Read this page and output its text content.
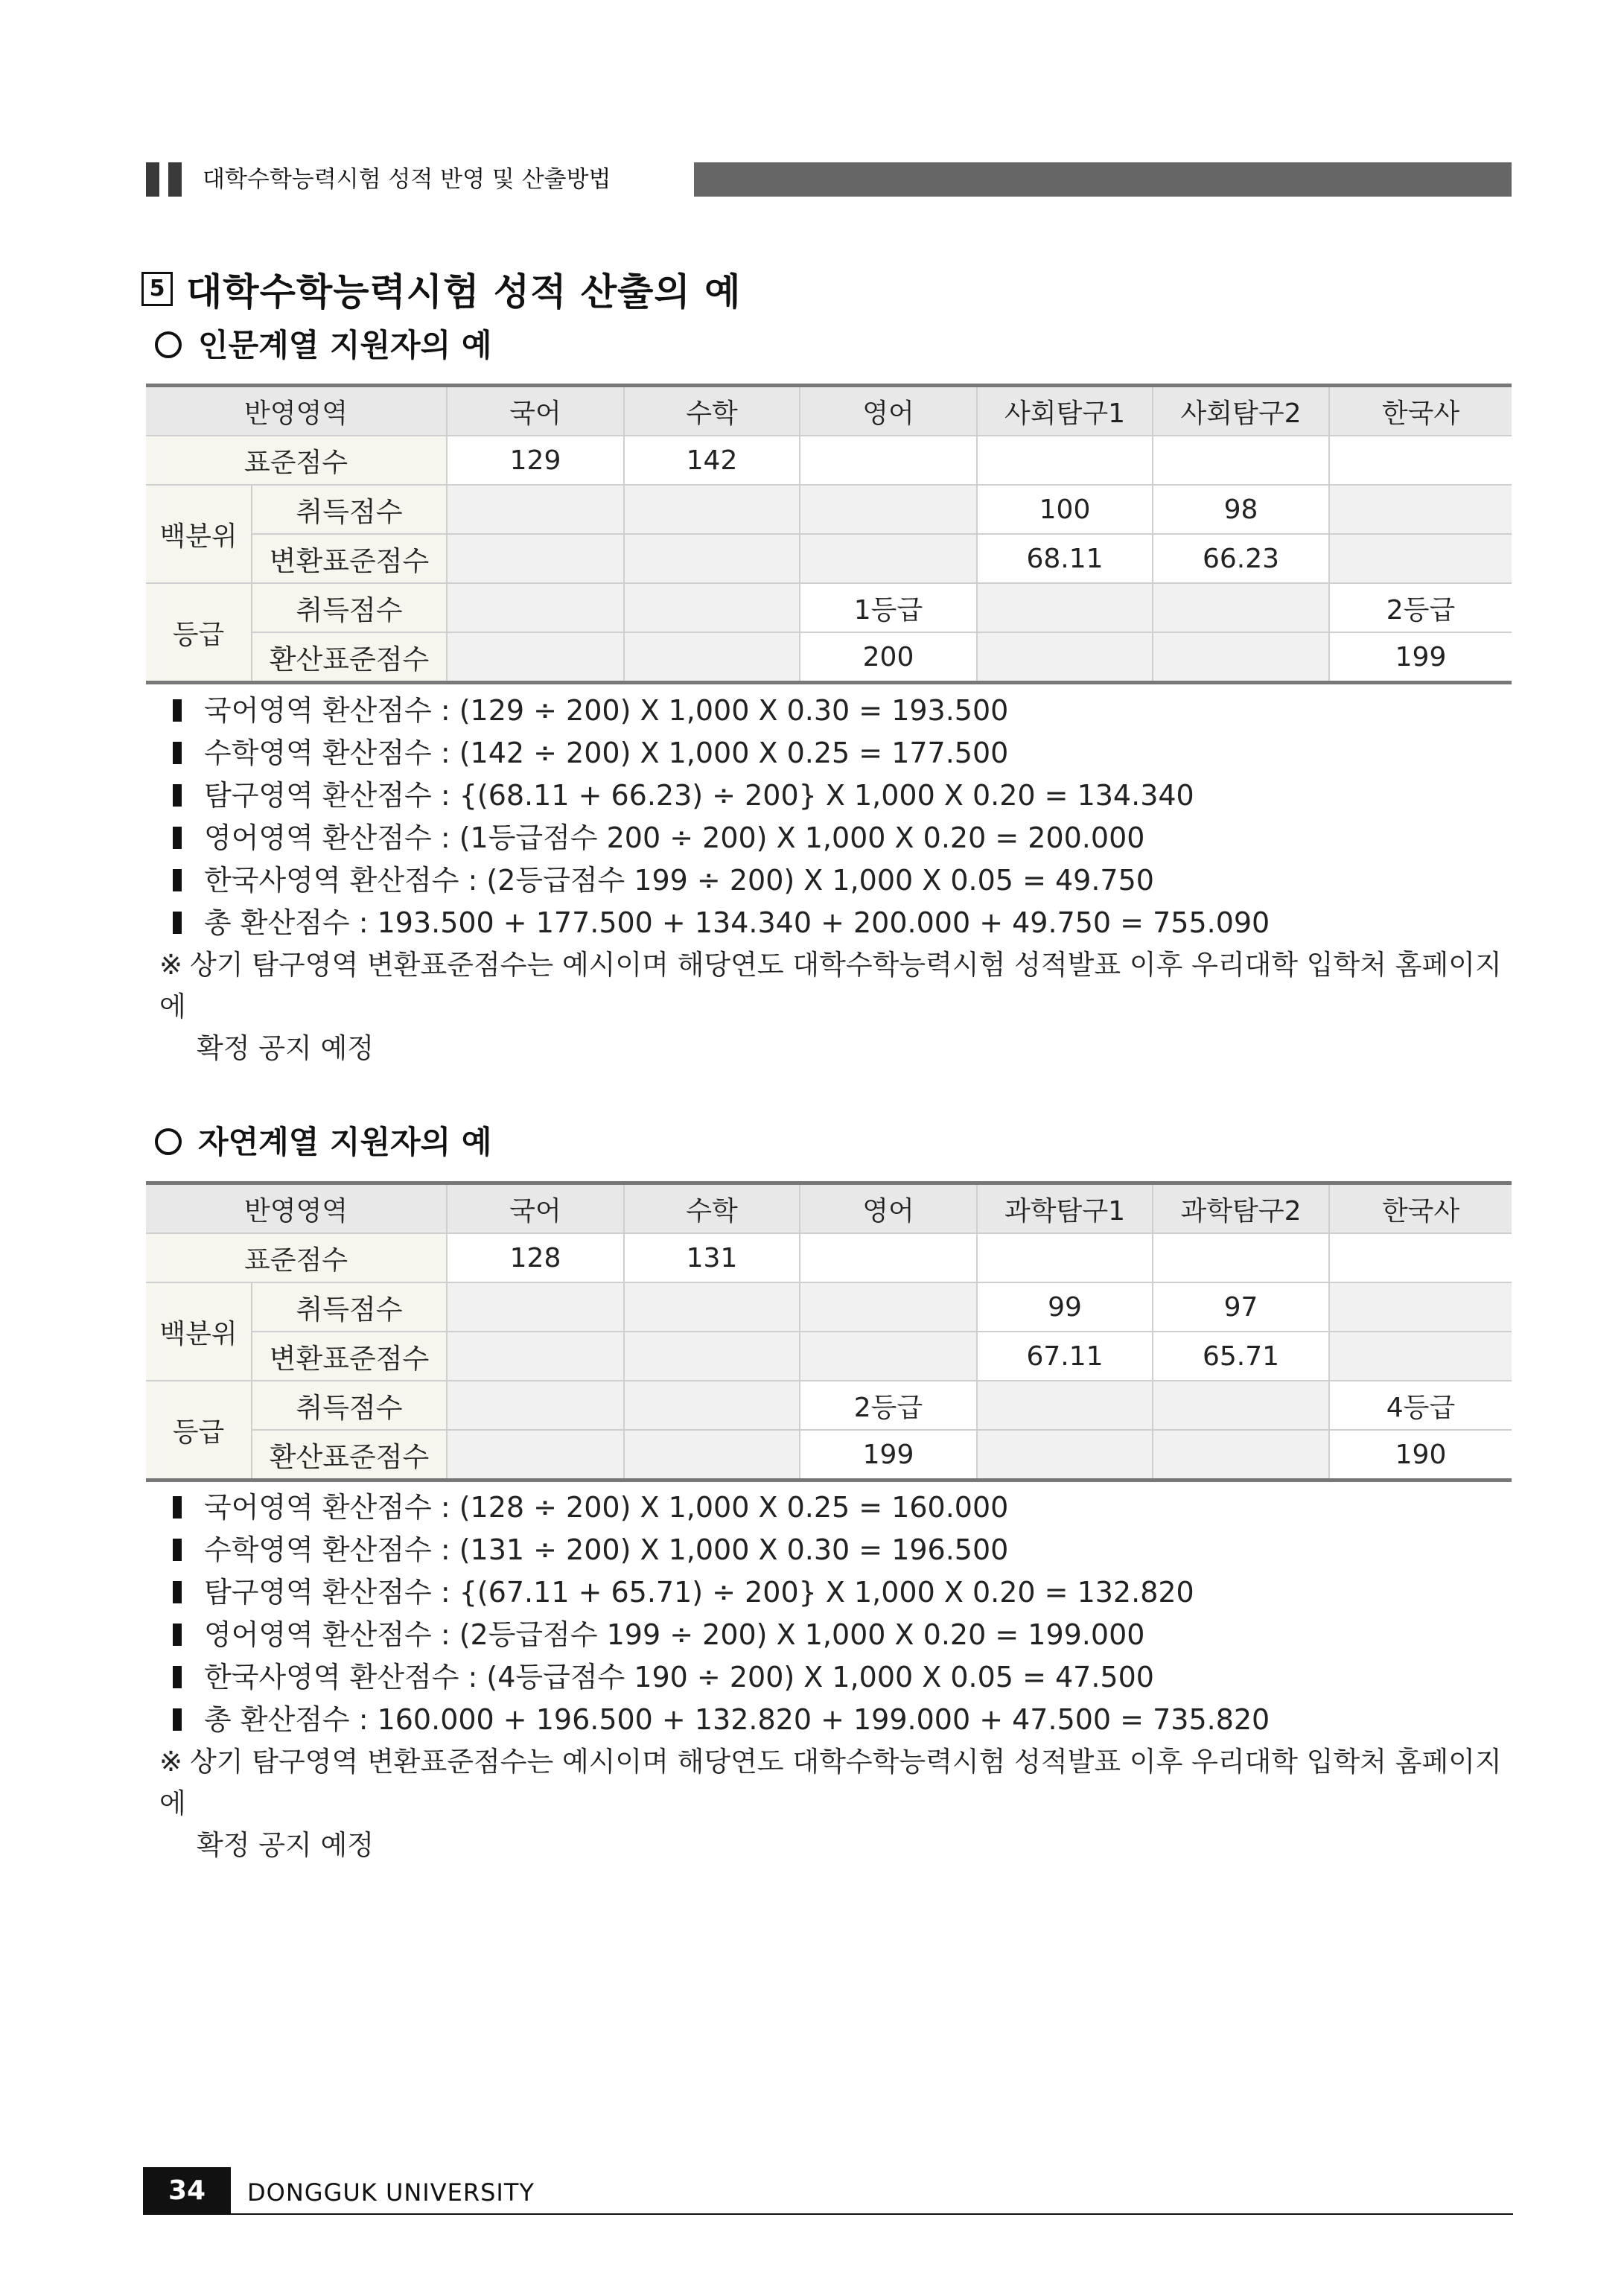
대학수학능력시험 성적 반영 및 산출방법
5 대학수학능력시험 성적 산출의 예
인문계열 지원자의 예
반영영역		국어	수학	영어	사회탐구1	사회탐구2	한국사
표준점수		129	142				
백분위	취득점수				100	98	
	변환표준점수				68.11	66.23	
등급	취득점수			1등급			2등급
	환산표준점수			200			199
국어영역 환산점수 : (129 ÷ 200) X 1,000 X 0.30 = 193.500
수학영역 환산점수 : (142 ÷ 200) X 1,000 X 0.25 = 177.500
탐구영역 환산점수 : {(68.11 + 66.23) ÷ 200} X 1,000 X 0.20 = 134.340
영어영역 환산점수 : (1등급점수 200 ÷ 200) X 1,000 X 0.20 = 200.000
한국사영역 환산점수 : (2등급점수 199 ÷ 200) X 1,000 X 0.05 = 49.750
총 환산점수 : 193.500 + 177.500 + 134.340 + 200.000 + 49.750 = 755.090
※ 상기 탐구영역 변환표준점수는 예시이며 해당연도 대학수학능력시험 성적발표 이후 우리대학 입학처 홈페이지에
확정 공지 예정
자연계열 지원자의 예
반영영역		국어	수학	영어	과학탐구1	과학탐구2	한국사
표준점수		128	131				
백분위	취득점수				99	97	
	변환표준점수				67.11	65.71	
등급	취득점수			2등급			4등급
	환산표준점수			199			190
국어영역 환산점수 : (128 ÷ 200) X 1,000 X 0.25 = 160.000
수학영역 환산점수 : (131 ÷ 200) X 1,000 X 0.30 = 196.500
탐구영역 환산점수 : {(67.11 + 65.71) ÷ 200} X 1,000 X 0.20 = 132.820
영어영역 환산점수 : (2등급점수 199 ÷ 200) X 1,000 X 0.20 = 199.000
한국사영역 환산점수 : (4등급점수 190 ÷ 200) X 1,000 X 0.05 = 47.500
총 환산점수 : 160.000 + 196.500 + 132.820 + 199.000 + 47.500 = 735.820
※ 상기 탐구영역 변환표준점수는 예시이며 해당연도 대학수학능력시험 성적발표 이후 우리대학 입학처 홈페이지에
확정 공지 예정
34	DONGGUK UNIVERSITY
